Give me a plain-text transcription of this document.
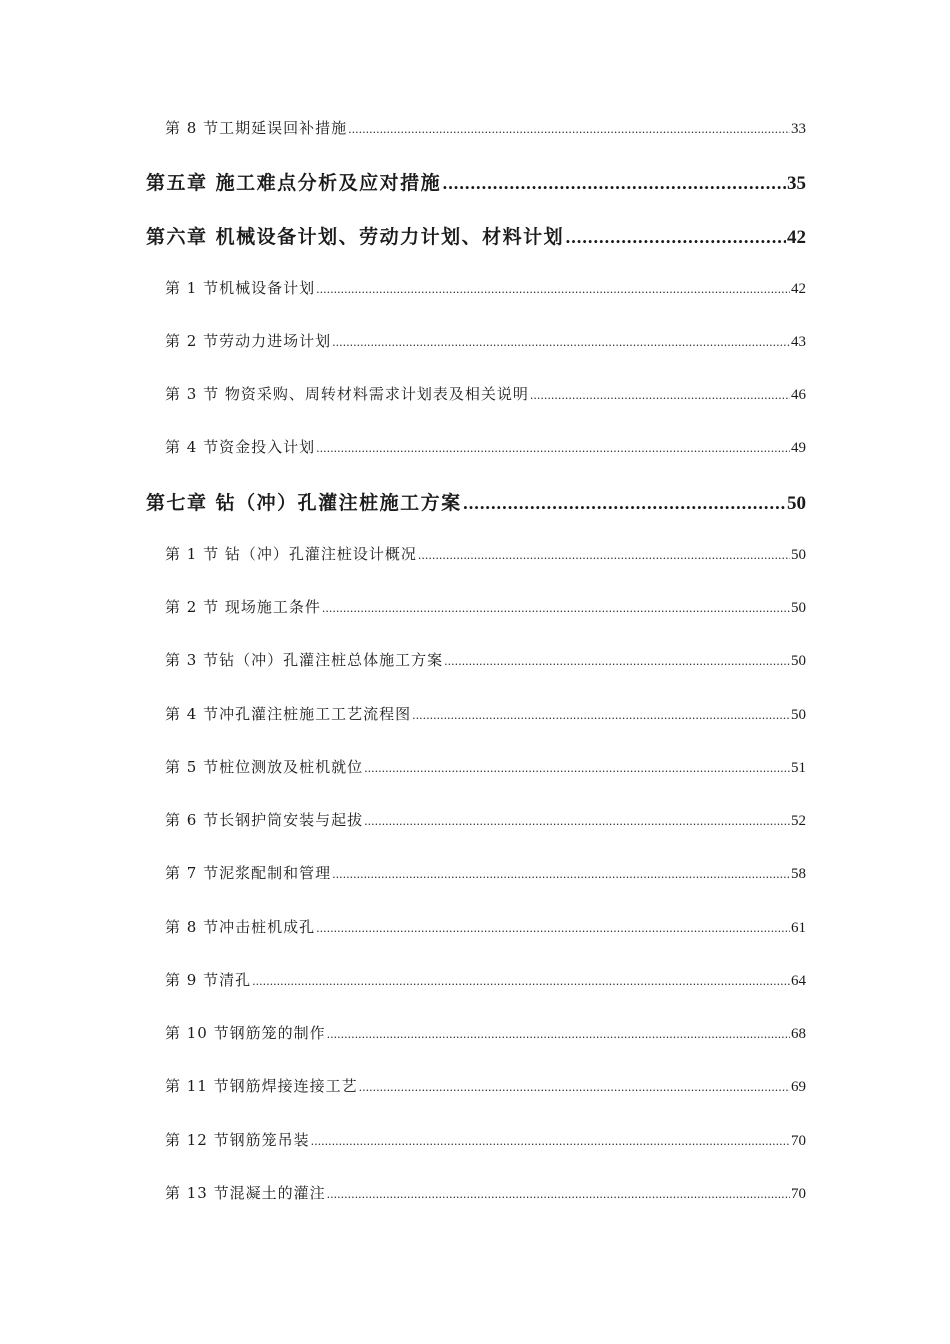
第 8 节工期延误回补措施 .....	33
第五章 施工难点分析及应对措施 .....	35
第六章 机械设备计划、劳动力计划、材料计划 .....	42
第 1 节机械设备计划 .....	42
第 2 节劳动力进场计划 .....	43
第 3 节 物资采购、周转材料需求计划表及相关说明 .....	46
第 4 节资金投入计划 .....	49
第七章 钻（冲）孔灌注桩施工方案 .....	50
第 1 节 钻（冲）孔灌注桩设计概况 .....	50
第 2 节 现场施工条件 .....	50
第 3 节钻（冲）孔灌注桩总体施工方案 .....	50
第 4 节冲孔灌注桩施工工艺流程图 .....	50
第 5 节桩位测放及桩机就位 .....	51
第 6 节长钢护筒安装与起拔 .....	52
第 7 节泥浆配制和管理 .....	58
第 8 节冲击桩机成孔 .....	61
第 9 节清孔 .....	64
第 10 节钢筋笼的制作 .....	68
第 11 节钢筋焊接连接工艺 .....	69
第 12 节钢筋笼吊装 .....	70
第 13 节混凝土的灌注 .....	70
